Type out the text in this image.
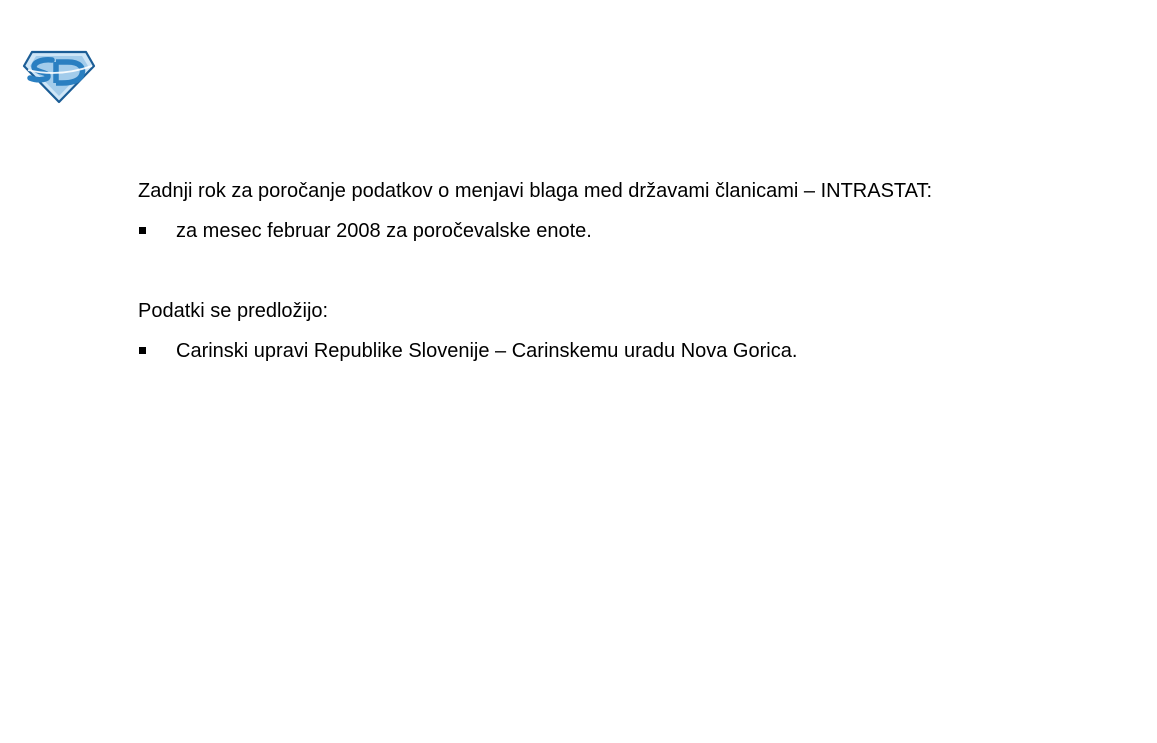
Zadnji rok za poročanje podatkov o menjavi blaga med državami članicami – INTRASTAT:

za mesec februar 2008 za poročevalske enote.

Podatki se predložijo:

Carinski upravi Republike Slovenije – Carinskemu uradu Nova Gorica.
